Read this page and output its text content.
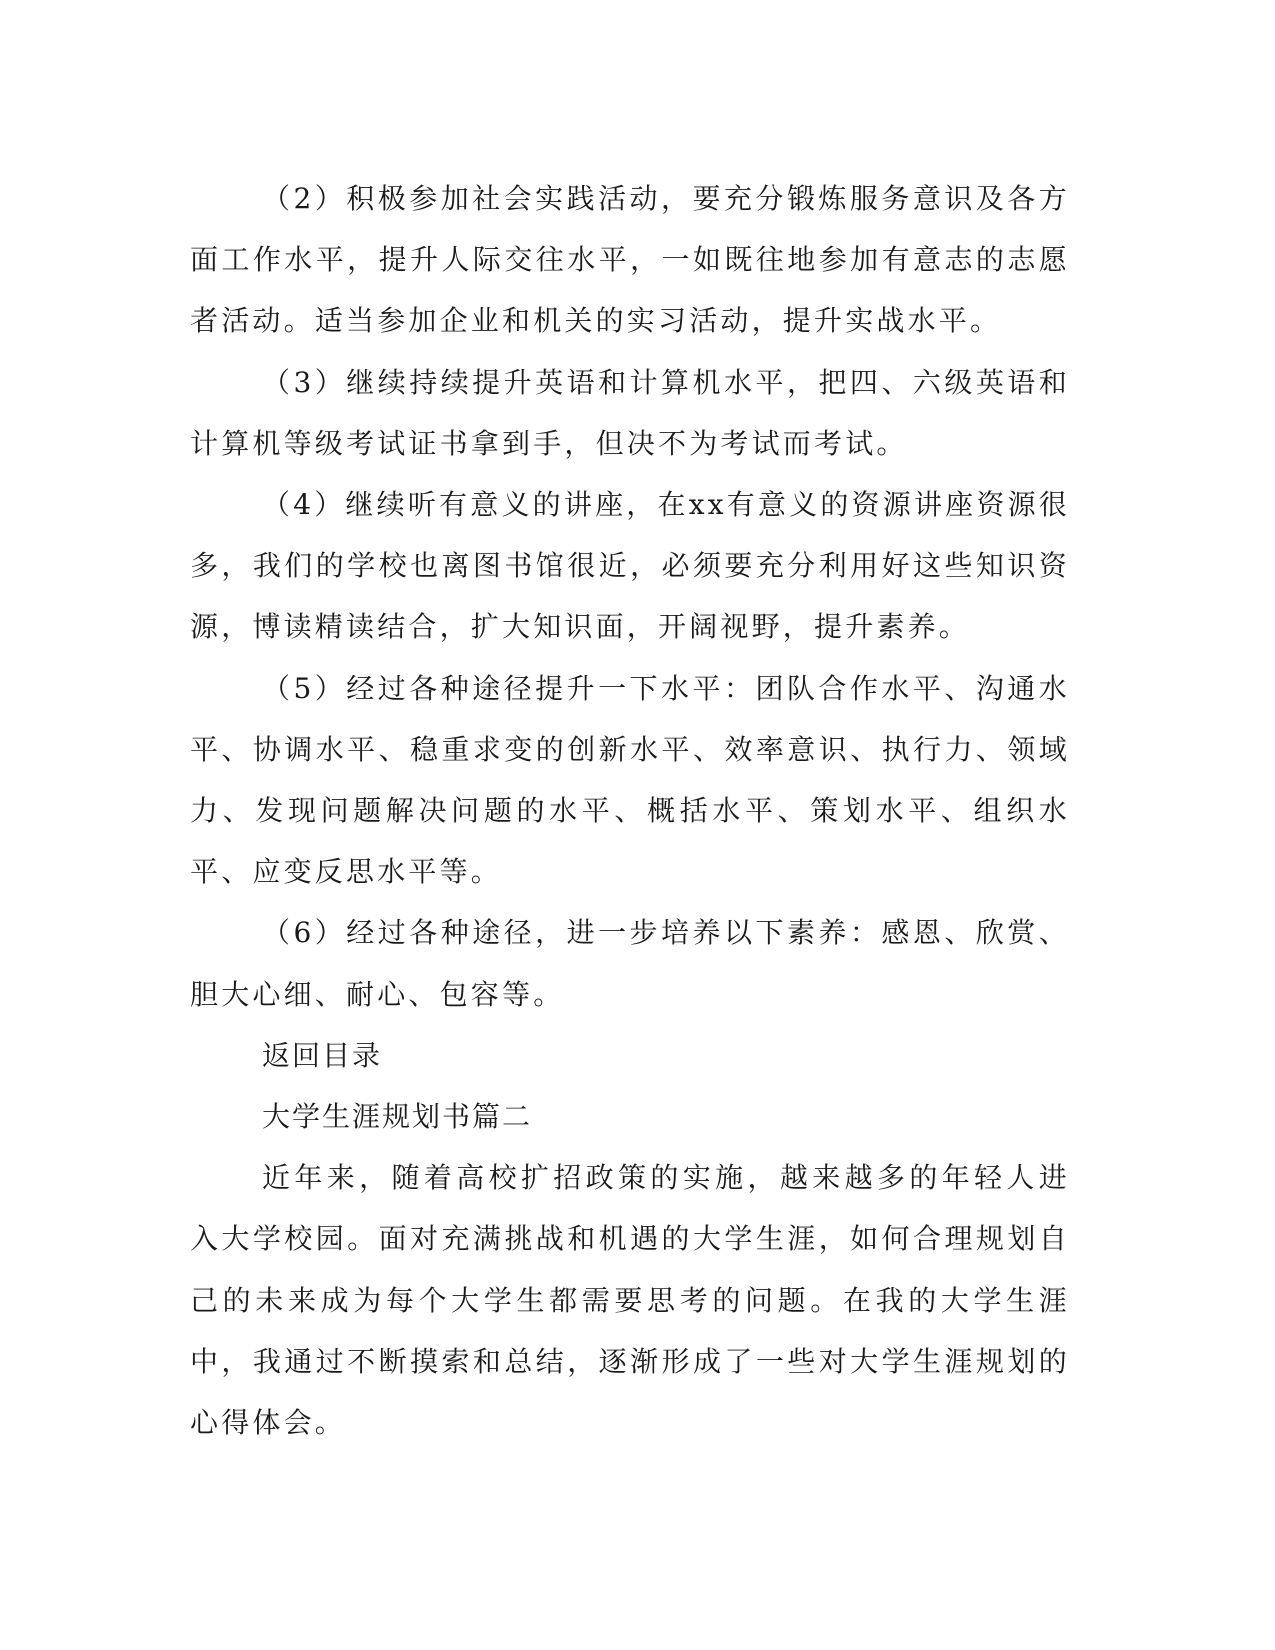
（2）积极参加社会实践活动，要充分锻炼服务意识及各方面工作水平，提升人际交往水平，一如既往地参加有意志的志愿者活动。适当参加企业和机关的实习活动，提升实战水平。

（3）继续持续提升英语和计算机水平，把四、六级英语和计算机等级考试证书拿到手，但决不为考试而考试。

（4）继续听有意义的讲座，在xx有意义的资源讲座资源很多，我们的学校也离图书馆很近，必须要充分利用好这些知识资源，博读精读结合，扩大知识面，开阔视野，提升素养。

（5）经过各种途径提升一下水平：团队合作水平、沟通水平、协调水平、稳重求变的创新水平、效率意识、执行力、领域力、发现问题解决问题的水平、概括水平、策划水平、组织水平、应变反思水平等。

（6）经过各种途径，进一步培养以下素养：感恩、欣赏、胆大心细、耐心、包容等。

返回目录

大学生涯规划书篇二

近年来，随着高校扩招政策的实施，越来越多的年轻人进入大学校园。面对充满挑战和机遇的大学生涯，如何合理规划自己的未来成为每个大学生都需要思考的问题。在我的大学生涯中，我通过不断摸索和总结，逐渐形成了一些对大学生涯规划的心得体会。
